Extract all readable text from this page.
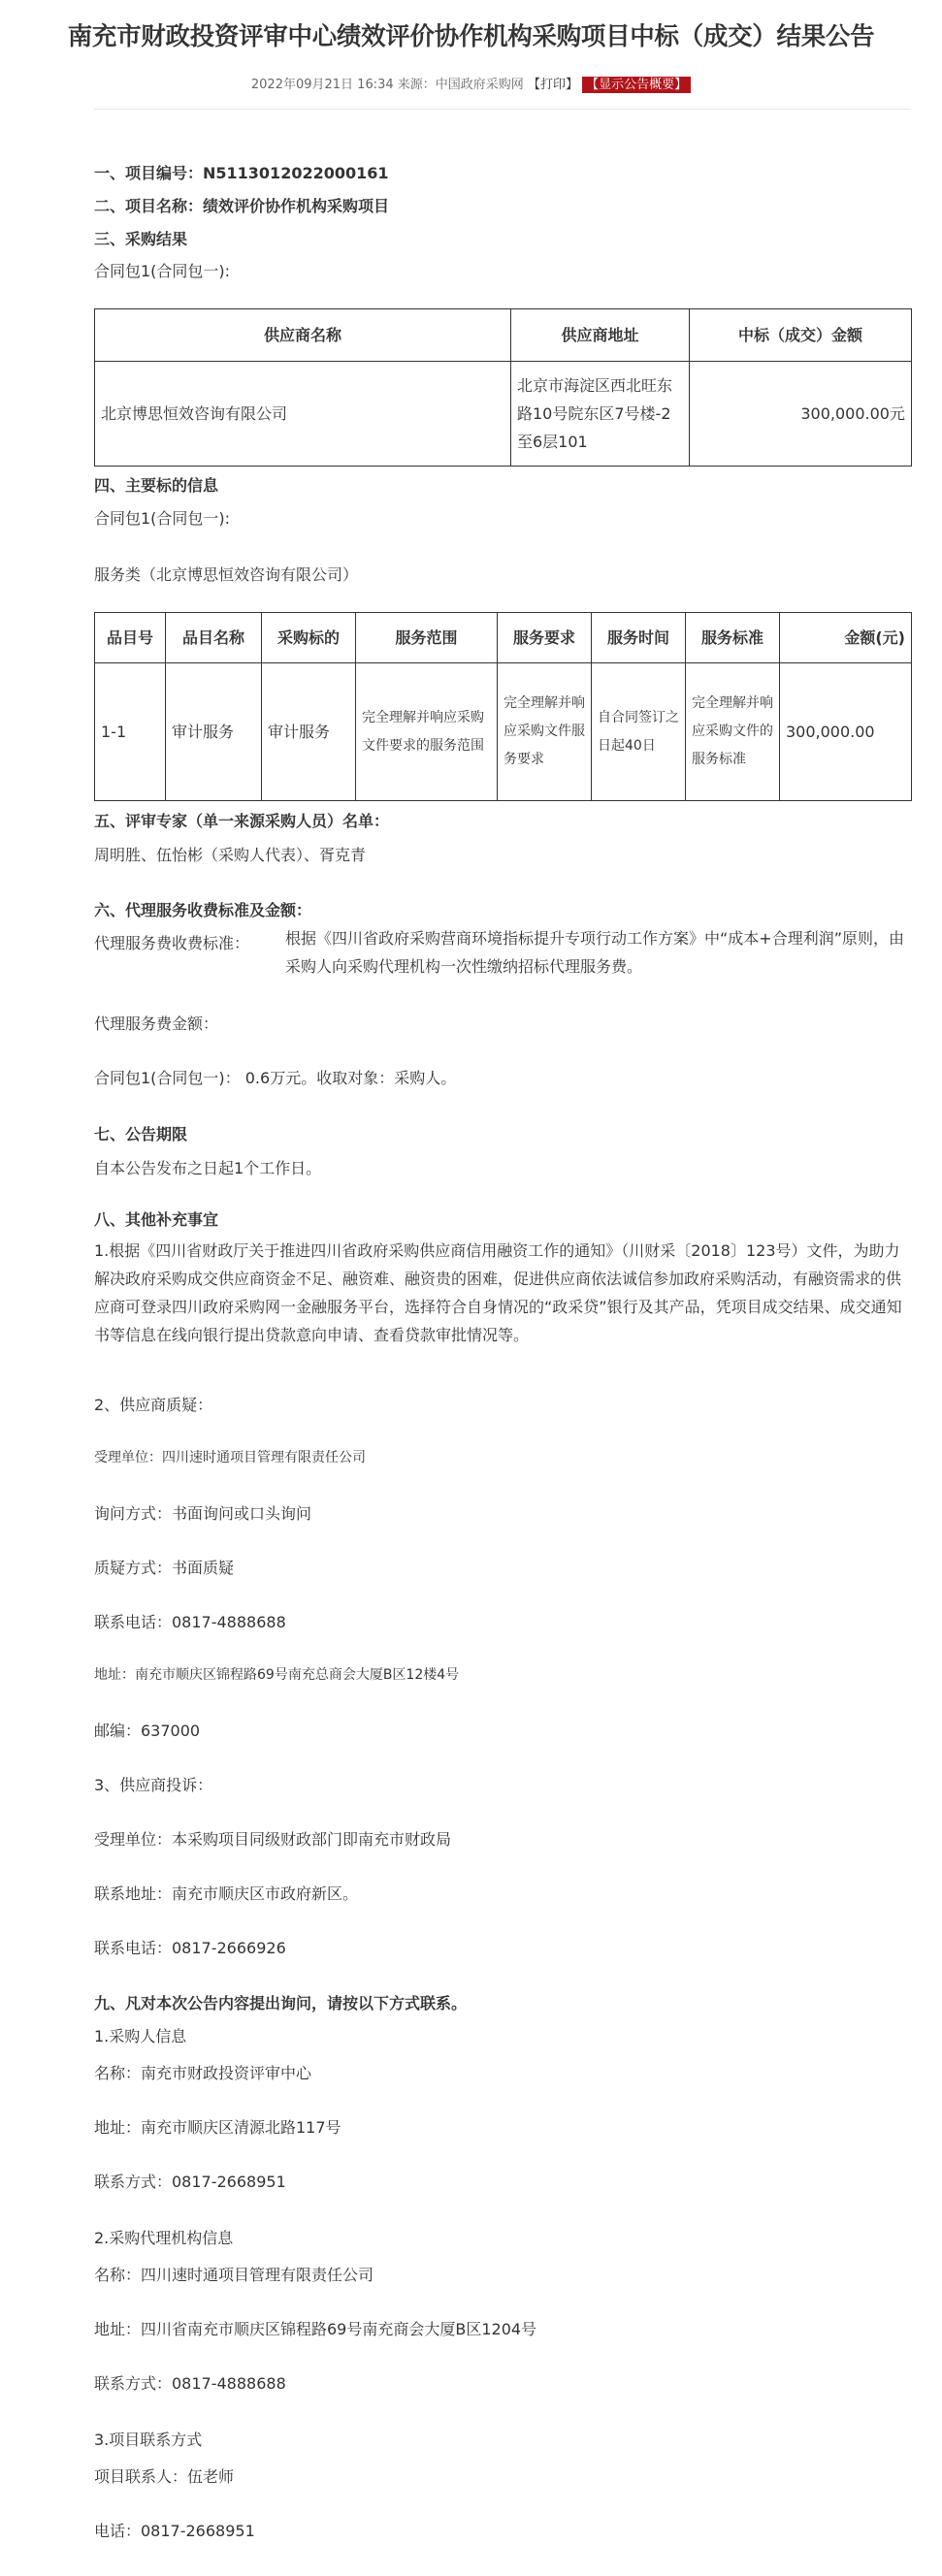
南充市财政投资评审中心绩效评价协作机构采购项目中标（成交）结果公告
2022年09月21日 16:34 来源：中国政府采购网 【打印】 【显示公告概要】
一、项目编号：N5113012022000161
二、项目名称：绩效评价协作机构采购项目
三、采购结果
合同包1(合同包一):
供应商名称	供应商地址	中标（成交）金额
北京博思恒效咨询有限公司	北京市海淀区西北旺东路10号院东区7号楼-2至6层101	300,000.00元
四、主要标的信息
合同包1(合同包一):
服务类（北京博思恒效咨询有限公司）
品目号	品目名称	采购标的	服务范围	服务要求	服务时间	服务标准	金额(元)
1-1	审计服务	审计服务	完全理解并响应采购文件要求的服务范围	完全理解并响应采购文件服务要求	自合同签订之日起40日	完全理解并响应采购文件的服务标准	300,000.00
五、评审专家（单一来源采购人员）名单：
周明胜、伍怡彬（采购人代表）、胥克青
六、代理服务收费标准及金额：
代理服务费收费标准： 根据《四川省政府采购营商环境指标提升专项行动工作方案》中“成本+合理利润”原则，由采购人向采购代理机构一次性缴纳招标代理服务费。
代理服务费金额：
合同包1(合同包一)： 0.6万元。收取对象：采购人。
七、公告期限
自本公告发布之日起1个工作日。
八、其他补充事宜
1.根据《四川省财政厅关于推进四川省政府采购供应商信用融资工作的通知》（川财采〔2018〕123号）文件，为助力解决政府采购成交供应商资金不足、融资难、融资贵的困难，促进供应商依法诚信参加政府采购活动，有融资需求的供应商可登录四川政府采购网一金融服务平台，选择符合自身情况的“政采贷”银行及其产品，凭项目成交结果、成交通知书等信息在线向银行提出贷款意向申请、查看贷款审批情况等。
2、供应商质疑：
受理单位：四川速时通项目管理有限责任公司
询问方式：书面询问或口头询问
质疑方式：书面质疑
联系电话：0817-4888688
地址：南充市顺庆区锦程路69号南充总商会大厦B区12楼4号
邮编：637000
3、供应商投诉：
受理单位：本采购项目同级财政部门即南充市财政局
联系地址：南充市顺庆区市政府新区。
联系电话：0817-2666926
九、凡对本次公告内容提出询问，请按以下方式联系。
1.采购人信息
名称：南充市财政投资评审中心
地址：南充市顺庆区清源北路117号
联系方式：0817-2668951
2.采购代理机构信息
名称：四川速时通项目管理有限责任公司
地址：四川省南充市顺庆区锦程路69号南充商会大厦B区1204号
联系方式：0817-4888688
3.项目联系方式
项目联系人：伍老师
电话：0817-2668951
